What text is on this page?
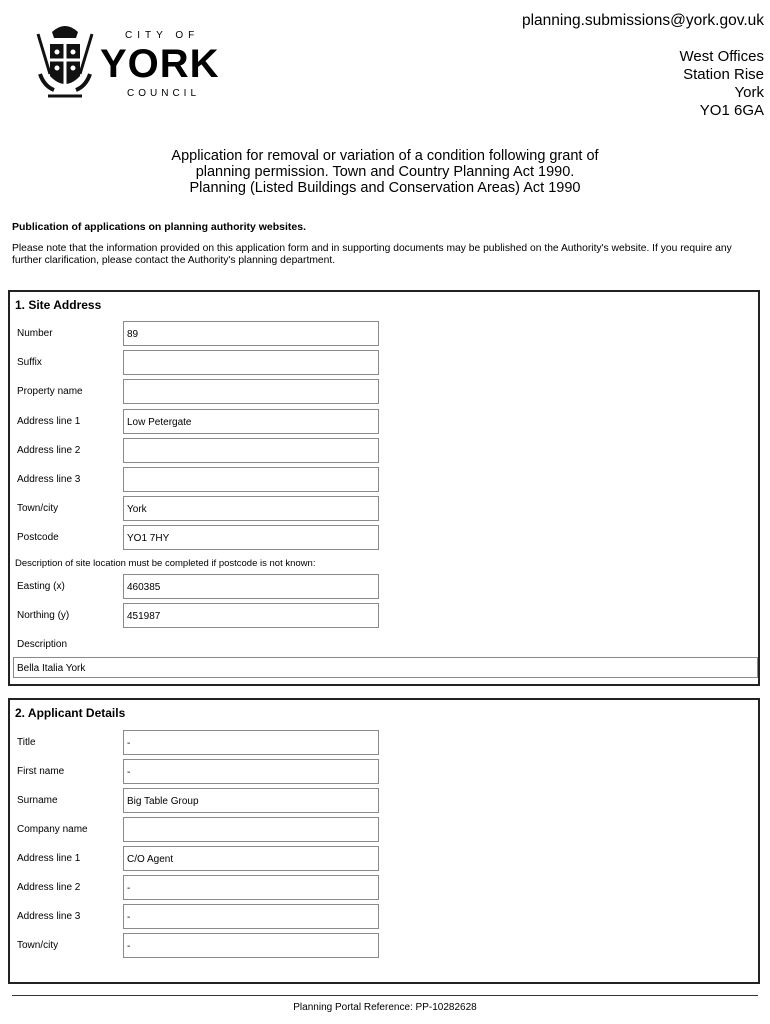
CITY OF
YORK
COUNCIL
planning.submissions@york.gov.uk
West Offices
Station Rise
York
YO1 6GA
Application for removal or variation of a condition following grant of
planning permission. Town and Country Planning Act 1990.
Planning (Listed Buildings and Conservation Areas) Act 1990
Publication of applications on planning authority websites.
Please note that the information provided on this application form and in supporting documents may be published on the Authority's website. If you require any further clarification, please contact the Authority's planning department.
1. Site Address
Number	89
Suffix
Property name
Address line 1	Low Petergate
Address line 2
Address line 3
Town/city	York
Postcode	YO1 7HY
Description of site location must be completed if postcode is not known:
Easting (x)	460385
Northing (y)	451987
Description
Bella Italia York
2. Applicant Details
Title	-
First name	-
Surname	Big Table Group
Company name
Address line 1	C/O Agent
Address line 2	-
Address line 3	-
Town/city	-
Planning Portal Reference: PP-10282628
